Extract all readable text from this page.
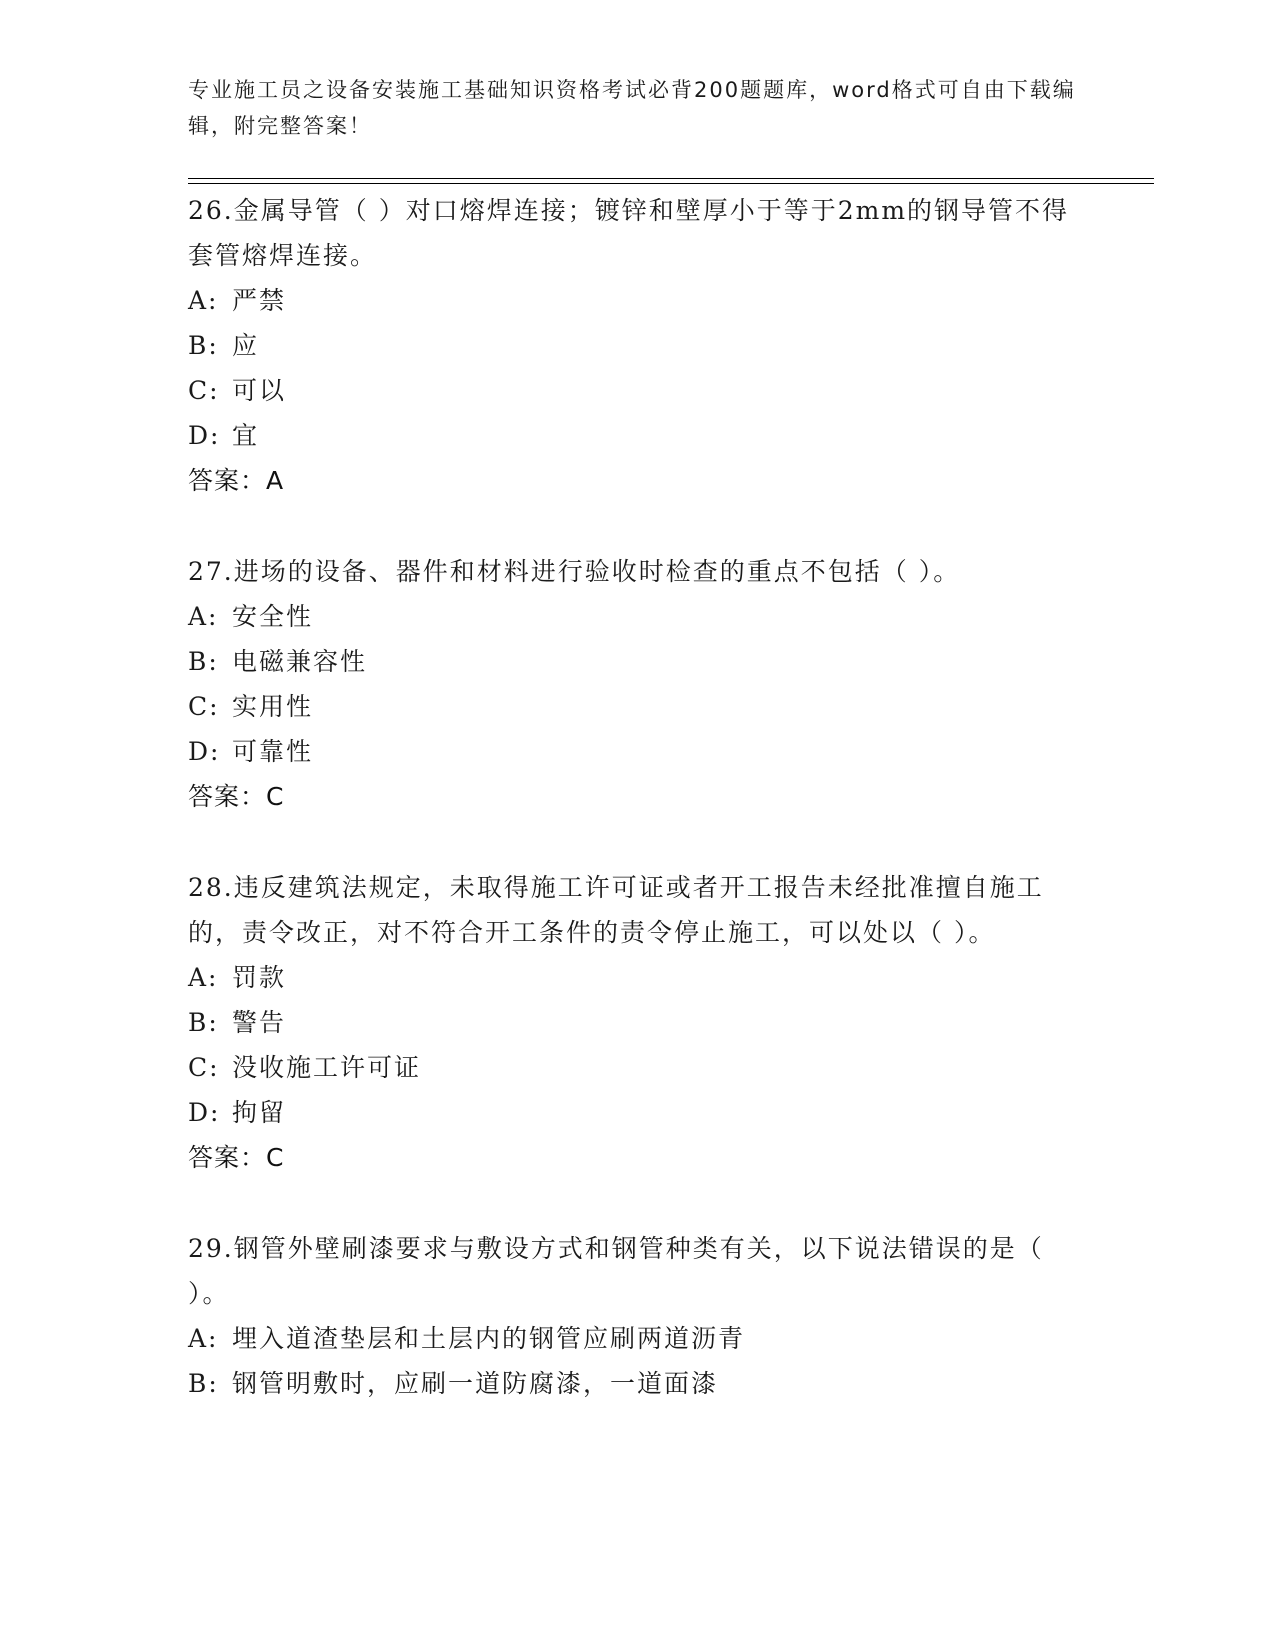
专业施工员之设备安装施工基础知识资格考试必背200题题库，word格式可自由下载编辑，附完整答案！
26.金属导管（ ）对口熔焊连接；镀锌和壁厚小于等于2mm的钢导管不得套管熔焊连接。
A: 严禁
B: 应
C: 可以
D: 宜
答案：A
27.进场的设备、器件和材料进行验收时检查的重点不包括（ ）。
A: 安全性
B: 电磁兼容性
C: 实用性
D: 可靠性
答案：C
28.违反建筑法规定，未取得施工许可证或者开工报告未经批准擅自施工的，责令改正，对不符合开工条件的责令停止施工，可以处以（ ）。
A: 罚款
B: 警告
C: 没收施工许可证
D: 拘留
答案：C
29.钢管外壁刷漆要求与敷设方式和钢管种类有关，以下说法错误的是（ ）。
A: 埋入道渣垫层和土层内的钢管应刷两道沥青
B: 钢管明敷时，应刷一道防腐漆，一道面漆
